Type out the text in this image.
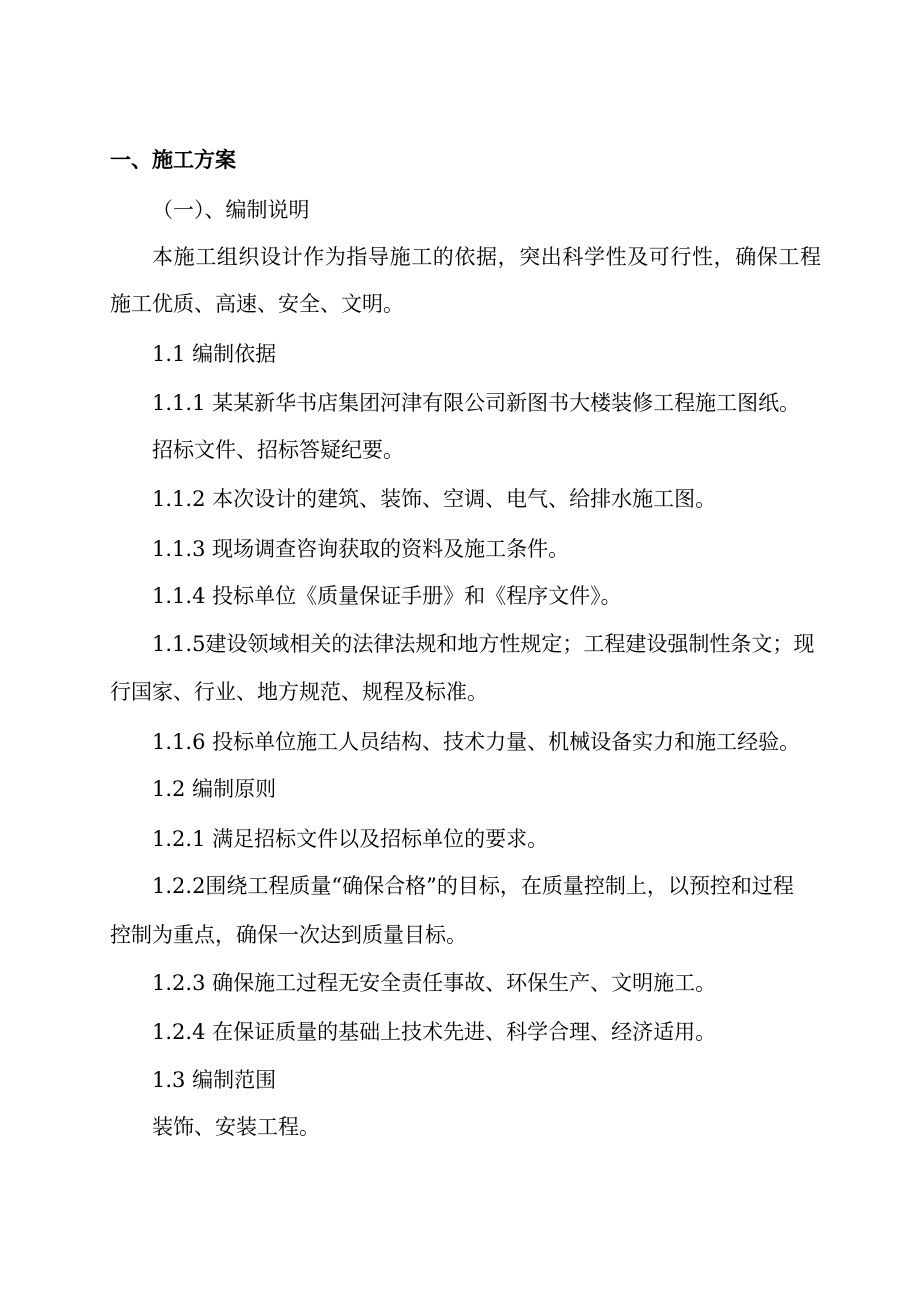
一、施工方案
（一）、编制说明
本施工组织设计作为指导施工的依据，突出科学性及可行性，确保工程
施工优质、高速、安全、文明。
1.1 编制依据
1.1.1 某某新华书店集团河津有限公司新图书大楼装修工程施工图纸。
招标文件、招标答疑纪要。
1.1.2 本次设计的建筑、装饰、空调、电气、给排水施工图。
1.1.3 现场调查咨询获取的资料及施工条件。
1.1.4 投标单位《质量保证手册》和《程序文件》。
1.1.5建设领域相关的法律法规和地方性规定；工程建设强制性条文；现
行国家、行业、地方规范、规程及标准。
1.1.6 投标单位施工人员结构、技术力量、机械设备实力和施工经验。
1.2 编制原则
1.2.1 满足招标文件以及招标单位的要求。
1.2.2围绕工程质量“确保合格”的目标，在质量控制上，以预控和过程
控制为重点，确保一次达到质量目标。
1.2.3 确保施工过程无安全责任事故、环保生产、文明施工。
1.2.4 在保证质量的基础上技术先进、科学合理、经济适用。
1.3 编制范围
装饰、安装工程。
